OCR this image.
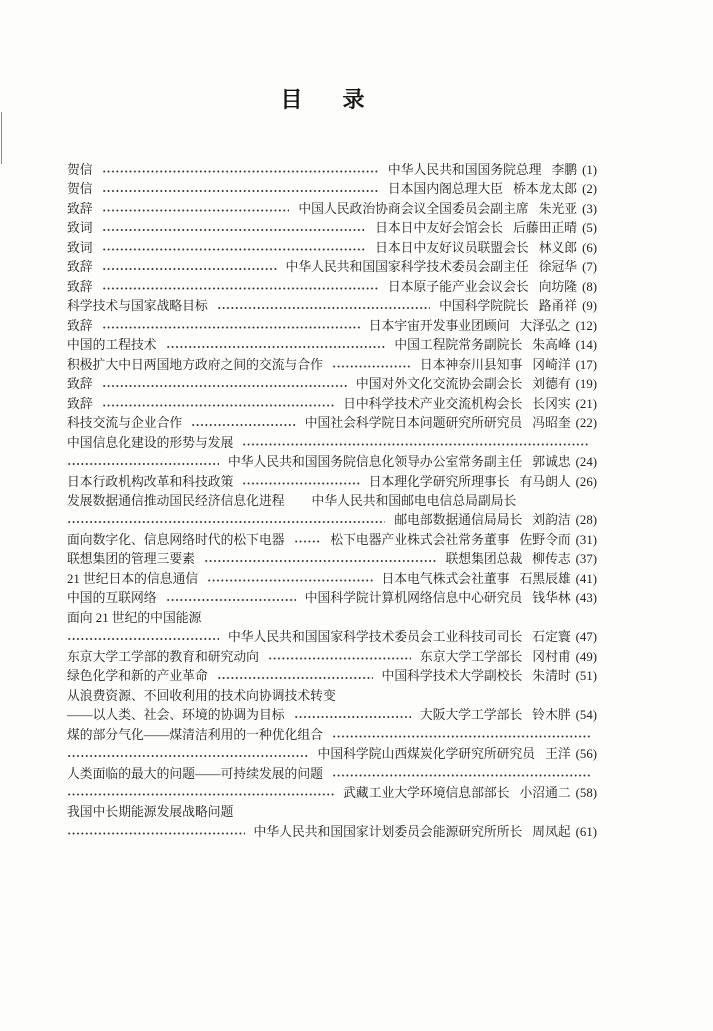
目　录
贺信	中华人民共和国国务院总理 李鹏 (1)
贺信	日本国内阁总理大臣 桥本龙太郎 (2)
致辞	中国人民政治协商会议全国委员会副主席 朱光亚 (3)
致词	日本日中友好会馆会长 后藤田正晴 (5)
致词	日本日中友好议员联盟会长 林义郎 (6)
致辞	中华人民共和国国家科学技术委员会副主任 徐冠华 (7)
致辞	日本原子能产业会议会长 向坊隆 (8)
科学技术与国家战略目标	中国科学院院长 路甬祥 (9)
致辞	日本宇宙开发事业团顾问 大泽弘之 (12)
中国的工程技术	中国工程院常务副院长 朱高峰 (14)
积极扩大中日两国地方政府之间的交流与合作	日本神奈川县知事 冈崎洋 (17)
致辞	中国对外文化交流协会副会长 刘德有 (19)
致辞	日中科学技术产业交流机构会长 长冈实 (21)
科技交流与企业合作	中国社会科学院日本问题研究所研究员 冯昭奎 (22)
中国信息化建设的形势与发展
中华人民共和国国务院信息化领导办公室常务副主任 郭诚忠 (24)
日本行政机构改革和科技政策	日本理化学研究所理事长 有马朗人 (26)
发展数据通信推动国民经济信息化进程 中华人民共和国邮电电信总局副局长
邮电部数据通信局局长 刘韵洁 (28)
面向数字化、信息网络时代的松下电器	松下电器产业株式会社常务董事 佐野令而 (31)
联想集团的管理三要素	联想集团总裁 柳传志 (37)
21 世纪日本的信息通信	日本电气株式会社董事 石黑辰雄 (41)
中国的互联网络	中国科学院计算机网络信息中心研究员 钱华林 (43)
面向 21 世纪的中国能源
中华人民共和国国家科学技术委员会工业科技司司长 石定寰 (47)
东京大学工学部的教育和研究动向	东京大学工学部长 冈村甫 (49)
绿色化学和新的产业革命	中国科学技术大学副校长 朱清时 (51)
从浪费资源、不回收利用的技术向协调技术转变
——以人类、社会、环境的协调为目标	大阪大学工学部长 铃木胖 (54)
煤的部分气化——煤清洁利用的一种优化组合
中国科学院山西煤炭化学研究所研究员 王洋 (56)
人类面临的最大的问题——可持续发展的问题
武藏工业大学环境信息部部长 小沼通二 (58)
我国中长期能源发展战略问题
中华人民共和国国家计划委员会能源研究所所长 周凤起 (61)
